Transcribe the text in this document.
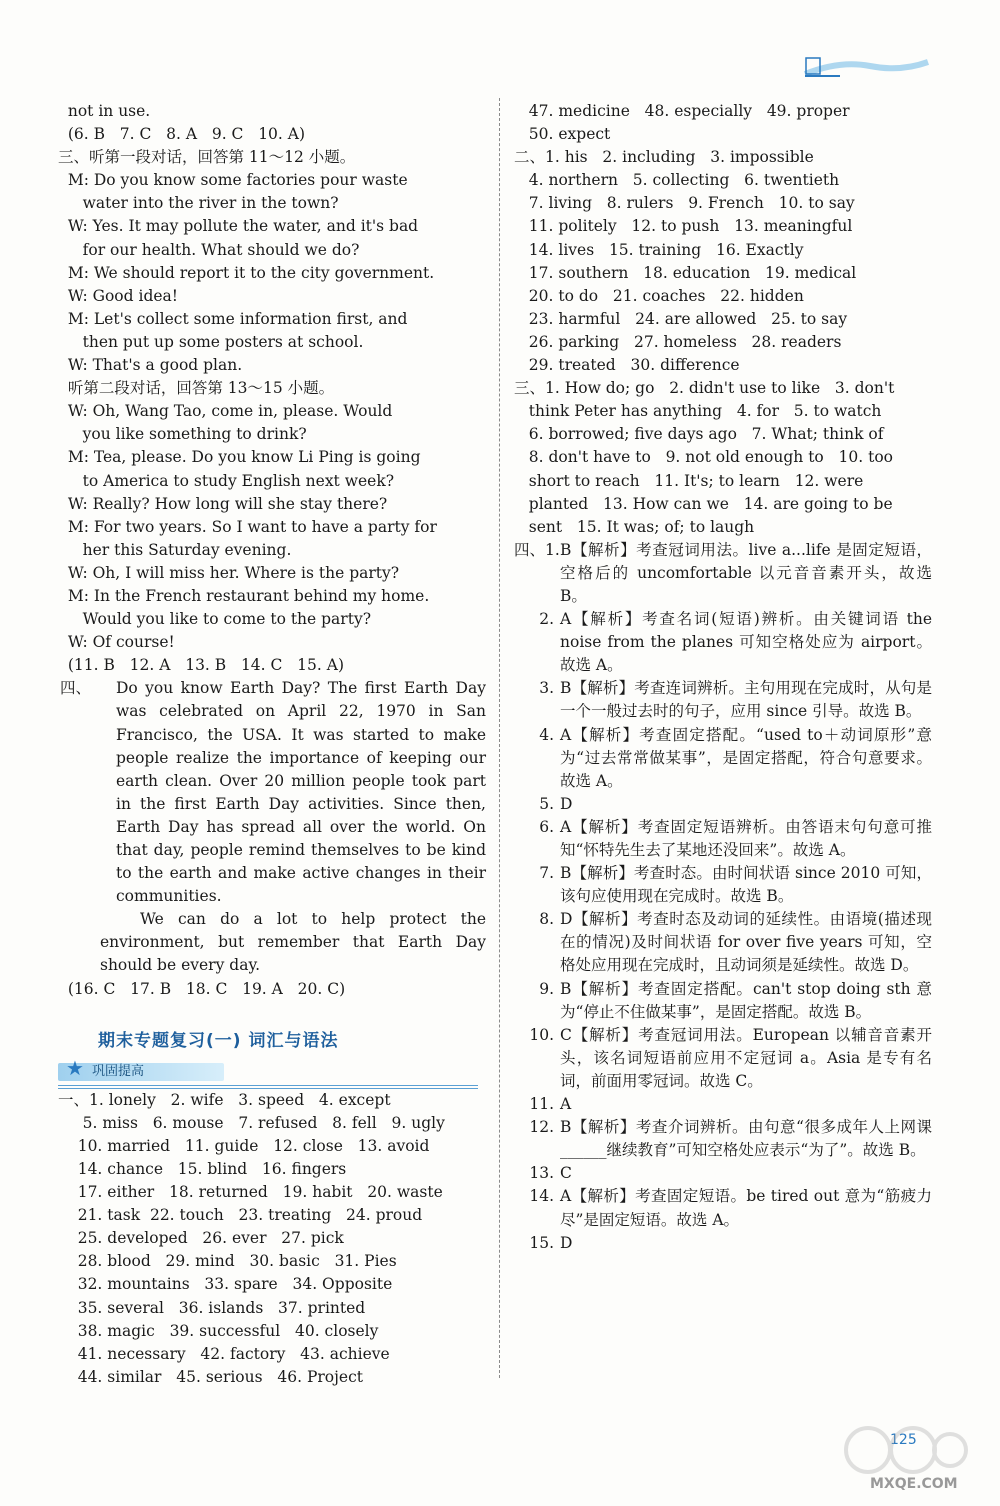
not in use.
(6. B   7. C   8. A   9. C   10. A)
三、听第一段对话，回答第 11～12 小题。
M: Do you know some factories pour waste
water into the river in the town?
W: Yes. It may pollute the water, and it's bad
for our health. What should we do?
M: We should report it to the city government.
W: Good idea!
M: Let's collect some information first, and
then put up some posters at school.
W: That's a good plan.
听第二段对话，回答第 13～15 小题。
W: Oh, Wang Tao, come in, please. Would
you like something to drink?
M: Tea, please. Do you know Li Ping is going
to America to study English next week?
W: Really? How long will she stay there?
M: For two years. So I want to have a party for
her this Saturday evening.
W: Oh, I will miss her. Where is the party?
M: In the French restaurant behind my home.
Would you like to come to the party?
W: Of course!
(11. B   12. A   13. B   14. C   15. A)
四、	Do you know Earth Day? The first Earth Day was celebrated on April 22, 1970 in San Francisco, the USA. It was started to make people realize the importance of keeping our earth clean. Over 20 million people took part in the first Earth Day activities. Since then, Earth Day has spread all over the world. On that day, people remind themselves to be kind to the earth and make active changes in their communities.
We can do a lot to help protect the environment, but remember that Earth Day should be every day.
(16. C   17. B   18. C   19. A   20. C)
期末专题复习(一) 词汇与语法
★ 巩固提高
一、1. lonely   2. wife   3. speed   4. except
5. miss   6. mouse   7. refused   8. fell   9. ugly
10. married   11. guide   12. close   13. avoid
14. chance   15. blind   16. fingers
17. either   18. returned   19. habit   20. waste
21. task  22. touch   23. treating   24. proud
25. developed   26. ever   27. pick
28. blood   29. mind   30. basic   31. Pies
32. mountains   33. spare   34. Opposite
35. several   36. islands   37. printed
38. magic   39. successful   40. closely
41. necessary   42. factory   43. achieve
44. similar   45. serious   46. Project
47. medicine   48. especially   49. proper
50. expect
二、1. his   2. including   3. impossible
4. northern   5. collecting   6. twentieth
7. living   8. rulers   9. French   10. to say
11. politely   12. to push   13. meaningful
14. lives   15. training   16. Exactly
17. southern   18. education   19. medical
20. to do   21. coaches   22. hidden
23. harmful   24. are allowed   25. to say
26. parking   27. homeless   28. readers
29. treated   30. difference
三、1. How do; go   2. didn't use to like   3. don't
think Peter has anything   4. for   5. to watch
6. borrowed; five days ago   7. What; think of
8. don't have to   9. not old enough to   10. too
short to reach   11. It's; to learn   12. were
planted   13. How can we   14. are going to be
sent   15. It was; of; to laugh
四、1. B【解析】考查冠词用法。live a...life 是固定短语，空格后的 uncomfortable 以元音音素开头，故选 B。
2. A【解析】考查名词(短语)辨析。由关键词语 the noise from the planes 可知空格处应为 airport。故选 A。
3. B【解析】考查连词辨析。主句用现在完成时，从句是一个一般过去时的句子，应用 since 引导。故选 B。
4. A【解析】考查固定搭配。“used to＋动词原形”意为“过去常常做某事”，是固定搭配，符合句意要求。故选 A。
5. D
6. A【解析】考查固定短语辨析。由答语末句句意可推知“怀特先生去了某地还没回来”。故选 A。
7. B【解析】考查时态。由时间状语 since 2010 可知，该句应使用现在完成时。故选 B。
8. D【解析】考查时态及动词的延续性。由语境(描述现在的情况)及时间状语 for over five years 可知，空格处应用现在完成时，且动词须是延续性。故选 D。
9. B【解析】考查固定搭配。can't stop doing sth 意为“停止不住做某事”，是固定搭配。故选 B。
10. C【解析】考查冠词用法。European 以辅音音素开头，该名词短语前应用不定冠词 a。Asia 是专有名词，前面用零冠词。故选 C。
11. A
12. B【解析】考查介词辨析。由句意“很多成年人上网课______继续教育”可知空格处应表示“为了”。故选 B。
13. C
14. A【解析】考查固定短语。be tired out 意为“筋疲力尽”是固定短语。故选 A。
15. D
125
MXQE.COM
